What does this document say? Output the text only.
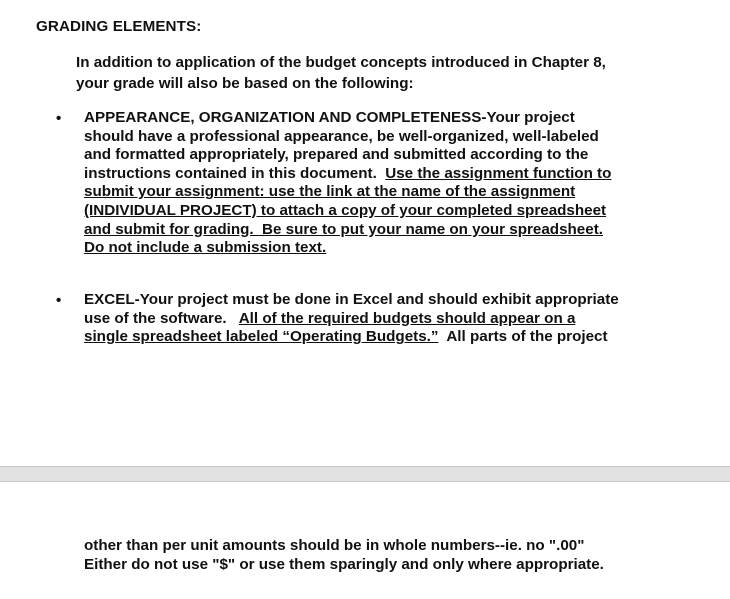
GRADING ELEMENTS:
In addition to application of the budget concepts introduced in Chapter 8,
your grade will also be based on the following:
•	APPEARANCE, ORGANIZATION AND COMPLETENESS-Your project
should have a professional appearance, be well-organized, well-labeled
and formatted appropriately, prepared and submitted according to the
instructions contained in this document.  Use the assignment function to
submit your assignment: use the link at the name of the assignment
(INDIVIDUAL PROJECT) to attach a copy of your completed spreadsheet
and submit for grading.  Be sure to put your name on your spreadsheet.
Do not include a submission text.
•	EXCEL-Your project must be done in Excel and should exhibit appropriate
use of the software.   All of the required budgets should appear on a
single spreadsheet labeled “Operating Budgets.”  All parts of the project
other than per unit amounts should be in whole numbers--ie. no ".00"
Either do not use "$" or use them sparingly and only where appropriate.
